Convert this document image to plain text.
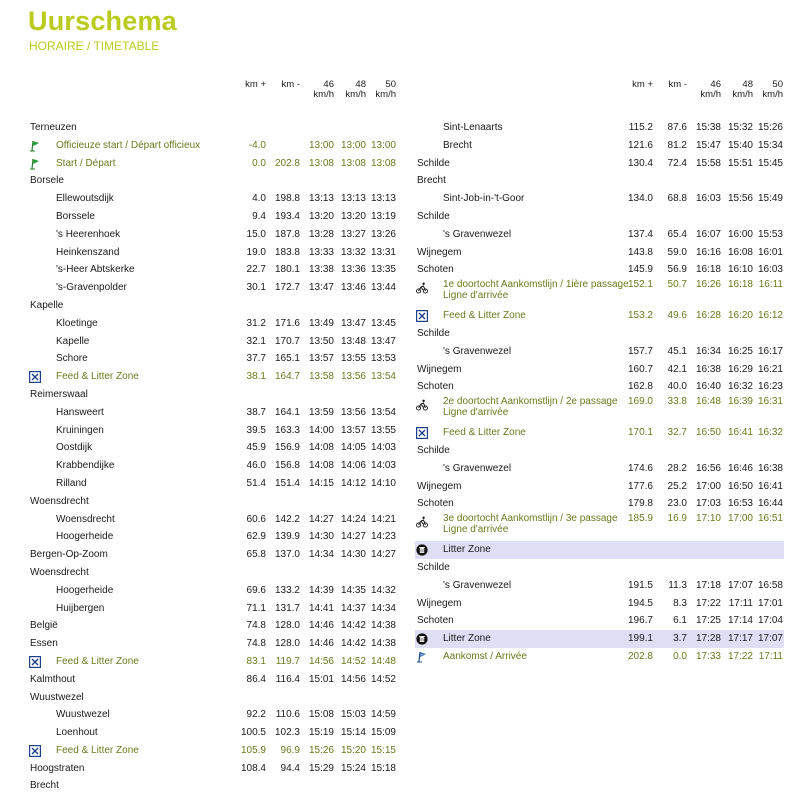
Uurschema
HORAIRE / TIMETABLE
km +	km -	46
km/h
48
km/h
50
km/h
Terneuzen
Officieuze start / Départ officieux	-4.0	13:00 13:00 13:00
Start / Départ	0.0 202.8 13:08 13:08 13:08
Borsele
Ellewoutsdijk	4.0 198.8 13:13 13:13 13:13
Borssele	9.4 193.4 13:20 13:20 13:19
's Heerenhoek	15.0 187.8 13:28 13:27 13:26
Heinkenszand	19.0 183.8 13:33 13:32 13:31
's-Heer Abtskerke	22.7 180.1 13:38 13:36 13:35
's-Gravenpolder	30.1 172.7 13:47 13:46 13:44
Kapelle
Kloetinge	31.2 171.6 13:49 13:47 13:45
Kapelle	32.1 170.7 13:50 13:48 13:47
Schore	37.7 165.1 13:57 13:55 13:53
Feed & Litter Zone	38.1 164.7 13:58 13:56 13:54
Reimerswaal
Hansweert	38.7 164.1 13:59 13:56 13:54
Kruiningen	39.5 163.3 14:00 13:57 13:55
Oostdijk	45.9 156.9 14:08 14:05 14:03
Krabbendijke	46.0 156.8 14:08 14:06 14:03
Rilland	51.4 151.4 14:15 14:12 14:10
Woensdrecht
Woensdrecht	60.6 142.2 14:27 14:24 14:21
Hoogerheide	62.9 139.9 14:30 14:27 14:23
Bergen-Op-Zoom	65.8 137.0 14:34 14:30 14:27
Woensdrecht
Hoogerheide	69.6 133.2 14:39 14:35 14:32
Huijbergen	71.1 131.7 14:41 14:37 14:34
België	74.8 128.0 14:46 14:42 14:38
Essen	74.8 128.0 14:46 14:42 14:38
Feed & Litter Zone	83.1 119.7 14:56 14:52 14:48
Kalmthout	86.4 116.4 15:01 14:56 14:52
Wuustwezel
Wuustwezel	92.2 110.6 15:08 15:03 14:59
Loenhout	100.5 102.3 15:19 15:14 15:09
Feed & Litter Zone	105.9 96.9 15:26 15:20 15:15
Hoogstraten	108.4 94.4 15:29 15:24 15:18
Brecht
km +	km -	46
km/h
48
km/h
50
km/h
Sint-Lenaarts	115.2 87.6 15:38 15:32 15:26
Brecht	121.6 81.2 15:47 15:40 15:34
Schilde	130.4 72.4 15:58 15:51 15:45
Brecht
Sint-Job-in-'t-Goor	134.0 68.8 16:03 15:56 15:49
Schilde
's Gravenwezel	137.4 65.4 16:07 16:00 15:53
Wijnegem	143.8 59.0 16:16 16:08 16:01
Schoten	145.9 56.9 16:18 16:10 16:03
1e doortocht Aankomstlijn / 1ière passage Ligne d'arrivée
152.1 50.7 16:26 16:18 16:11
Feed & Litter Zone	153.2 49.6 16:28 16:20 16:12
Schilde
's Gravenwezel	157.7 45.1 16:34 16:25 16:17
Wijnegem	160.7 42.1 16:38 16:29 16:21
Schoten	162.8 40.0 16:40 16:32 16:23
2e doortocht Aankomstlijn / 2e passage Ligne d'arrivée
169.0 33.8 16:48 16:39 16:31
Feed & Litter Zone	170.1 32.7 16:50 16:41 16:32
Schilde
's Gravenwezel	174.6 28.2 16:56 16:46 16:38
Wijnegem	177.6 25.2 17:00 16:50 16:41
Schoten	179.8 23.0 17:03 16:53 16:44
3e doortocht Aankomstlijn / 3e passage Ligne d'arrivée
185.9 16.9 17:10 17:00 16:51
Litter Zone
Schilde
's Gravenwezel	191.5 11.3 17:18 17:07 16:58
Wijnegem	194.5 8.3 17:22 17:11 17:01
Schoten	196.7 6.1 17:25 17:14 17:04
Litter Zone	199.1 3.7 17:28 17:17 17:07
Aankomst / Arrivée	202.8 0.0 17:33 17:22 17:11
